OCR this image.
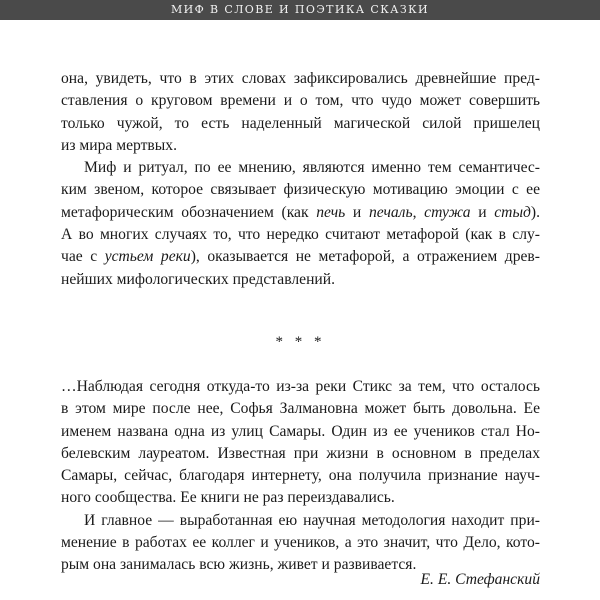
МИФ В СЛОВЕ И ПОЭТИКА СКАЗКИ
она, увидеть, что в этих словах зафиксировались древнейшие пред-
ставления о круговом времени и о том, что чудо может совершить
только чужой, то есть наделенный магической силой пришелец
из мира мертвых.
Миф и ритуал, по ее мнению, являются именно тем семантичес-
ким звеном, которое связывает физическую мотивацию эмоции с ее
метафорическим обозначением (как печь и печаль, стужа и стыд).
А во многих случаях то, что нередко считают метафорой (как в слу-
чае с устьем реки), оказывается не метафорой, а отражением древ-
нейших мифологических представлений.
* * *
…Наблюдая сегодня откуда-то из-за реки Стикс за тем, что осталось
в этом мире после нее, Софья Залмановна может быть довольна. Ее
именем названа одна из улиц Самары. Один из ее учеников стал Но-
белевским лауреатом. Известная при жизни в основном в пределах
Самары, сейчас, благодаря интернету, она получила признание науч-
ного сообщества. Ее книги не раз переиздавались.
И главное — выработанная ею научная методология находит при-
менение в работах ее коллег и учеников, а это значит, что Дело, кото-
рым она занималась всю жизнь, живет и развивается.
Е. Е. Стефанский
